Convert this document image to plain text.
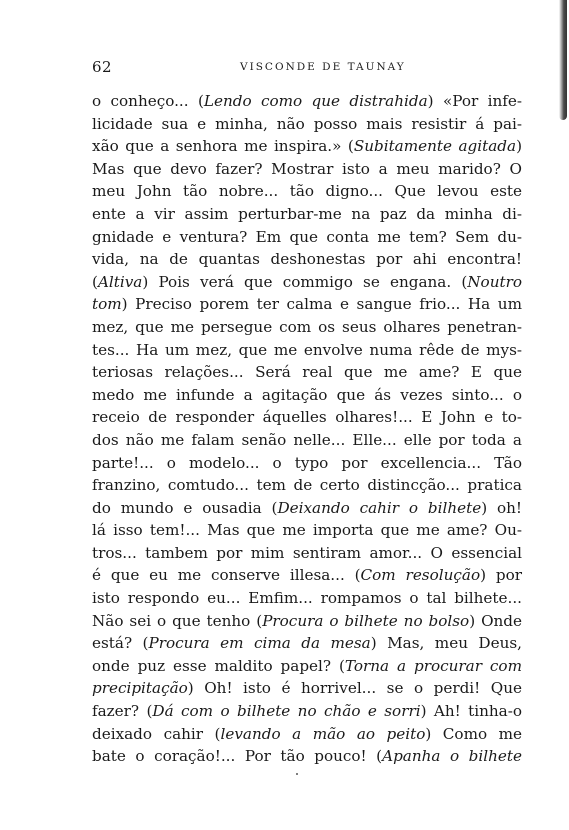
62	VISCONDE DE TAUNAY
o conheço... (Lendo como que distrahida) «Por infe-
licidade sua e minha, não posso mais resistir á pai-
xão que a senhora me inspira.» (Subitamente agitada)
Mas que devo fazer? Mostrar isto a meu marido? O
meu John tão nobre... tão digno... Que levou este
ente a vir assim perturbar-me na paz da minha di-
gnidade e ventura? Em que conta me tem? Sem du-
vida, na de quantas deshonestas por ahi encontra!
(Altiva) Pois verá que commigo se engana. (Noutro
tom) Preciso porem ter calma e sangue frio... Ha um
mez, que me persegue com os seus olhares penetran-
tes... Ha um mez, que me envolve numa rêde de mys-
teriosas relações... Será real que me ame? E que
medo me infunde a agitação que ás vezes sinto... o
receio de responder áquelles olhares!... E John e to-
dos não me falam senão nelle... Elle... elle por toda a
parte!... o modelo... o typo por excellencia... Tão
franzino, comtudo... tem de certo distincção... pratica
do mundo e ousadia (Deixando cahir o bilhete) oh!
lá isso tem!... Mas que me importa que me ame? Ou-
tros... tambem por mim sentiram amor... O essencial
é que eu me conserve illesa... (Com resolução) por
isto respondo eu... Emfim... rompamos o tal bilhete...
Não sei o que tenho (Procura o bilhete no bolso) Onde
está? (Procura em cima da mesa) Mas, meu Deus,
onde puz esse maldito papel? (Torna a procurar com
precipitação) Oh! isto é horrivel... se o perdi! Que
fazer? (Dá com o bilhete no chão e sorri) Ah! tinha-o
deixado cahir (levando a mão ao peito) Como me
bate o coração!... Por tão pouco! (Apanha o bilhete
